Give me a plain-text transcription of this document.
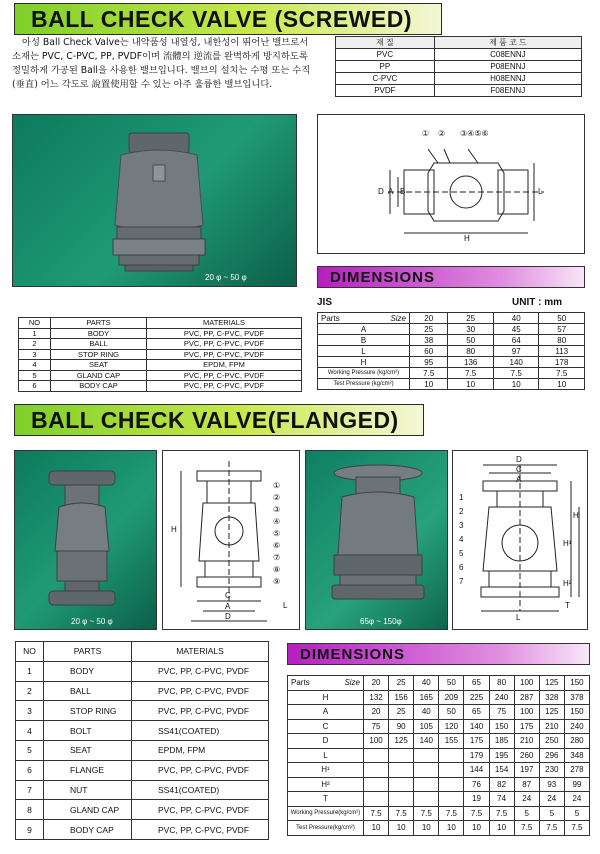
BALL CHECK VALVE (SCREWED)

아성 Ball Check Valve는 내약품성 내열성, 내한성이 뛰어난 밸브로서 소재는 PVC, C-PVC, PP, PVDF이며 流體의 逆流를 완벽하게 방지하도록 정밀하게 가공된 Ball을 사용한 밸브입니다. 밸브의 설치는 수평 또는 수직(垂直) 어느 각도로 說置使用할 수 있는 아주 훌륭한 밸브입니다.

재 질	제 품 코 드
PVC	C08ENNJ
PP	P08ENNJ
C-PVC	H08ENNJ
PVDF	F08ENNJ
20 φ ~ 50 φ
① ② ③④⑤⑥
D A B
H
L
DIMENSIONS
JIS	UNIT : mm
NO	PARTS	MATERIALS
1	BODY	PVC, PP, C-PVC, PVDF
2	BALL	PVC, PP, C-PVC, PVDF
3	STOP RING	PVC, PP, C-PVC, PVDF
4	SEAT	EPDM, FPM
5	GLAND CAP	PVC, PP, C-PVC, PVDF
6	BODY CAP	PVC, PP, C-PVC, PVDF
Parts Size	20	25	40	50
A	25	30	45	57
B	38	50	64	80
L	60	80	97	113
H	95	136	140	178
Working Pressure (kg/cm²)	7.5	7.5	7.5	7.5
Test Pressure (kg/cm²)	10	10	10	10
BALL CHECK VALVE(FLANGED)
20 φ ~ 50 φ
①
②
③
④
⑤
⑥
⑦
⑧
⑨
H
C
A
D
L
65φ ~ 150φ
1
2
3
4
5
6
7
D
C
A
H
H¹
H²
L
T
NO	PARTS	MATERIALS
1	BODY	PVC, PP, C-PVC, PVDF
2	BALL	PVC, PP, C-PVC, PVDF
3	STOP RING	PVC, PP, C-PVC, PVDF
4	BOLT	SS41(COATED)
5	SEAT	EPDM, FPM
6	FLANGE	PVC, PP, C-PVC, PVDF
7	NUT	SS41(COATED)
8	GLAND CAP	PVC, PP, C-PVC, PVDF
9	BODY CAP	PVC, PP, C-PVC, PVDF
DIMENSIONS
Parts Size	20	25	40	50	65	80	100	125	150
H	132	156	165	209	225	240	287	328	378
A	20	25	40	50	65	75	100	125	150
C	75	90	105	120	140	150	175	210	240
D	100	125	140	155	175	185	210	250	280
L					179	195	260	296	348
H¹					144	154	197	230	278
H²					76	82	87	93	99
T					19	74	24	24	24
Working Pressure(kg/cm²)	7.5	7.5	7.5	7.5	7.5	7.5	5	5	5
Test Pressure(kg/cm²)	10	10	10	10	10	10	7.5	7.5	7.5
